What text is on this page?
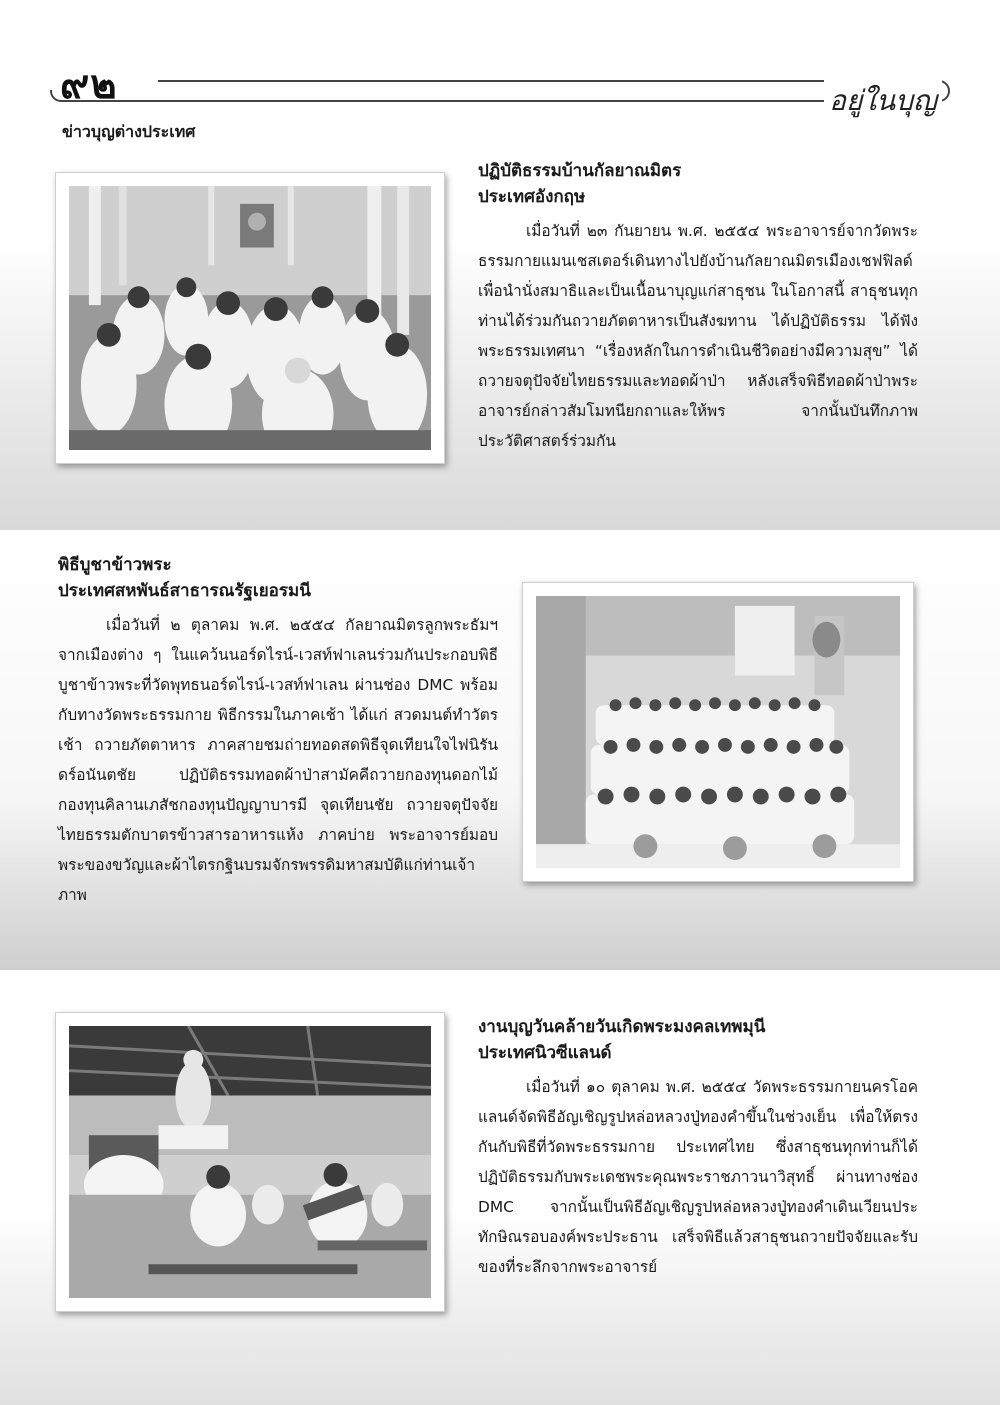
๙๒	อยู่ในบุญ
ข่าวบุญต่างประเทศ
ปฏิบัติธรรมบ้านกัลยาณมิตร
ประเทศอังกฤษ

เมื่อวันที่ ๒๓ กันยายน พ.ศ. ๒๕๕๔ พระอาจารย์จากวัดพระธรรมกายแมนเชสเตอร์เดินทางไปยังบ้านกัลยาณมิตรเมืองเชฟฟิลด์ เพื่อนำนั่งสมาธิและเป็นเนื้อนาบุญแก่สาธุชน ในโอกาสนี้ สาธุชนทุกท่านได้ร่วมกันถวายภัตตาหารเป็นสังฆทาน ได้ปฏิบัติธรรม ได้ฟังพระธรรมเทศนา “เรื่องหลักในการดำเนินชีวิตอย่างมีความสุข” ได้ถวายจตุปัจจัยไทยธรรมและทอดผ้าป่า หลังเสร็จพิธีทอดผ้าป่าพระอาจารย์กล่าวสัมโมทนียกถาและให้พร จากนั้นบันทึกภาพประวัติศาสตร์ร่วมกัน

พิธีบูชาข้าวพระ
ประเทศสหพันธ์สาธารณรัฐเยอรมนี

เมื่อวันที่ ๒ ตุลาคม พ.ศ. ๒๕๕๔ กัลยาณมิตรลูกพระธัมฯ จากเมืองต่าง ๆ ในแคว้นนอร์ดไรน์-เวสท์ฟาเลนร่วมกันประกอบพิธีบูชาข้าวพระที่วัดพุทธนอร์ดไรน์-เวสท์ฟาเลน ผ่านช่อง DMC พร้อมกับทางวัดพระธรรมกาย พิธีกรรมในภาคเช้า ได้แก่ สวดมนต์ทำวัตรเช้า ถวายภัตตาหาร ภาคสายชมถ่ายทอดสดพิธีจุดเทียนใจไฟนิรันดร์อนันตชัย ปฏิบัติธรรมทอดผ้าป่าสามัคคีถวายกองทุนดอกไม้ กองทุนคิลานเภสัชกองทุนปัญญาบารมี จุดเทียนชัย ถวายจตุปัจจัยไทยธรรมตักบาตรข้าวสารอาหารแห้ง ภาคบ่าย พระอาจารย์มอบพระของขวัญและผ้าไตรกฐินบรมจักรพรรดิมหาสมบัติแก่ท่านเจ้าภาพ

งานบุญวันคล้ายวันเกิดพระมงคลเทพมุนี
ประเทศนิวซีแลนด์

เมื่อวันที่ ๑๐ ตุลาคม พ.ศ. ๒๕๕๔ วัดพระธรรมกายนครโอคแลนด์จัดพิธีอัญเชิญรูปหล่อหลวงปู่ทองคำขึ้นในช่วงเย็น เพื่อให้ตรงกันกับพิธีที่วัดพระธรรมกาย ประเทศไทย ซึ่งสาธุชนทุกท่านก็ได้ปฏิบัติธรรมกับพระเดชพระคุณพระราชภาวนาวิสุทธิ์ ผ่านทางช่อง DMC จากนั้นเป็นพิธีอัญเชิญรูปหล่อหลวงปู่ทองคำเดินเวียนประทักษิณรอบองค์พระประธาน เสร็จพิธีแล้วสาธุชนถวายปัจจัยและรับของที่ระลึกจากพระอาจารย์
